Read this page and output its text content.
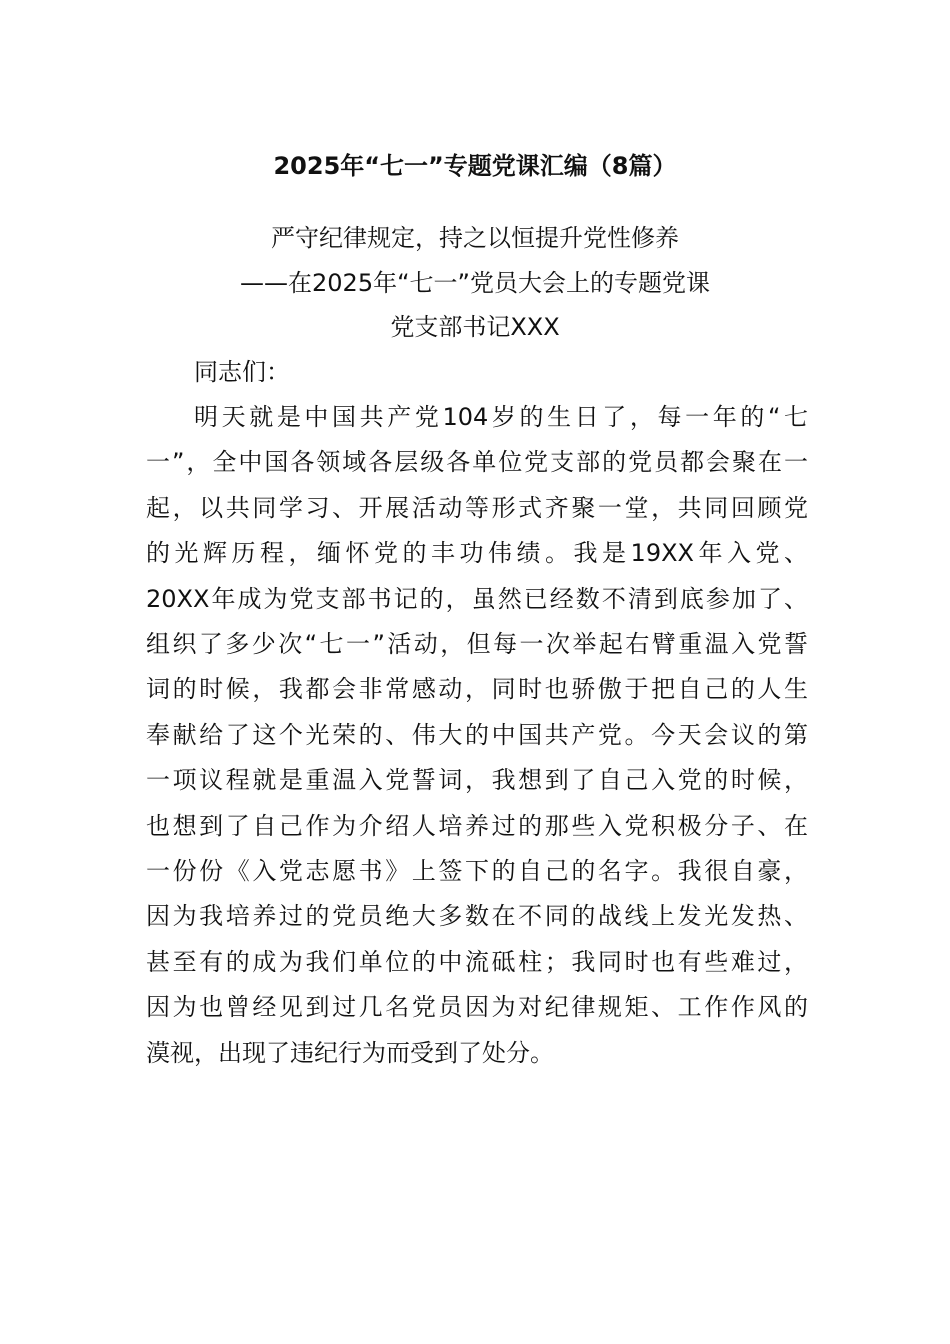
2025年“七一”专题党课汇编（8篇）

严守纪律规定，持之以恒提升党性修养

——在2025年“七一”党员大会上的专题党课

党支部书记XXX

同志们：

明天就是中国共产党104岁的生日了，每一年的“七
一”，全中国各领域各层级各单位党支部的党员都会聚在一
起，以共同学习、开展活动等形式齐聚一堂，共同回顾党
的光辉历程，缅怀党的丰功伟绩。我是19XX年入党、
20XX年成为党支部书记的，虽然已经数不清到底参加了、
组织了多少次“七一”活动，但每一次举起右臂重温入党誓
词的时候，我都会非常感动，同时也骄傲于把自己的人生
奉献给了这个光荣的、伟大的中国共产党。今天会议的第
一项议程就是重温入党誓词，我想到了自己入党的时候，
也想到了自己作为介绍人培养过的那些入党积极分子、在
一份份《入党志愿书》上签下的自己的名字。我很自豪，
因为我培养过的党员绝大多数在不同的战线上发光发热、
甚至有的成为我们单位的中流砥柱；我同时也有些难过，
因为也曾经见到过几名党员因为对纪律规矩、工作作风的
漠视，出现了违纪行为而受到了处分。
